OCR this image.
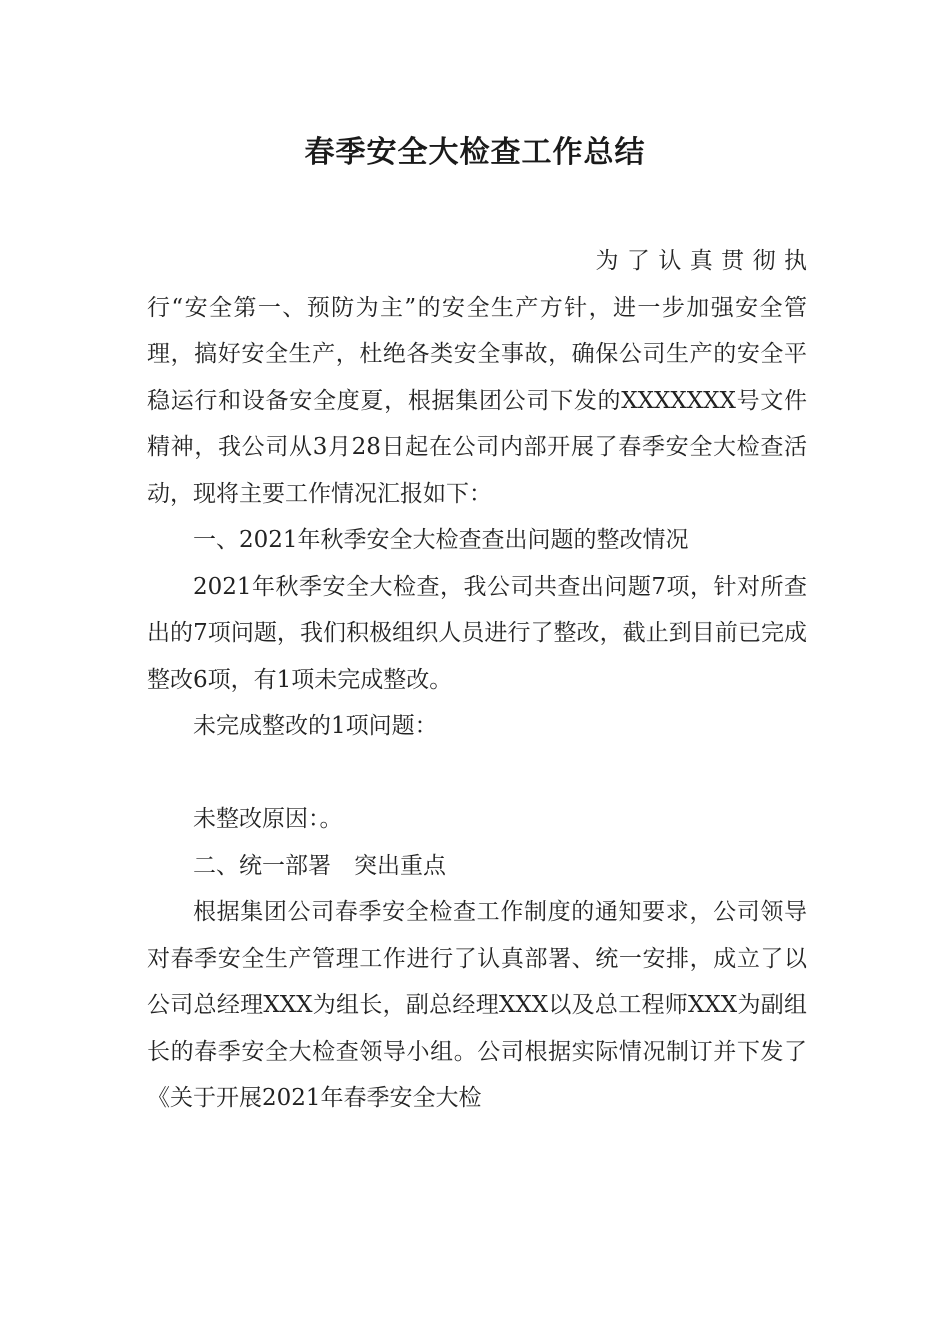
春季安全大检查工作总结

为了认真贯彻执行“安全第一、预防为主”的安全生产方针，进一步加强安全管理，搞好安全生产，杜绝各类安全事故，确保公司生产的安全平稳运行和设备安全度夏，根据集团公司下发的XXXXXXX号文件精神，我公司从3月28日起在公司内部开展了春季安全大检查活动，现将主要工作情况汇报如下：

一、2021年秋季安全大检查查出问题的整改情况

2021年秋季安全大检查，我公司共查出问题7项，针对所查出的7项问题，我们积极组织人员进行了整改，截止到目前已完成整改6项，有1项未完成整改。

未完成整改的1项问题：

未整改原因：。

二、统一部署　突出重点

根据集团公司春季安全检查工作制度的通知要求，公司领导对春季安全生产管理工作进行了认真部署、统一安排，成立了以公司总经理XXX为组长，副总经理XXX以及总工程师XXX为副组长的春季安全大检查领导小组。公司根据实际情况制订并下发了《关于开展2021年春季安全大检
